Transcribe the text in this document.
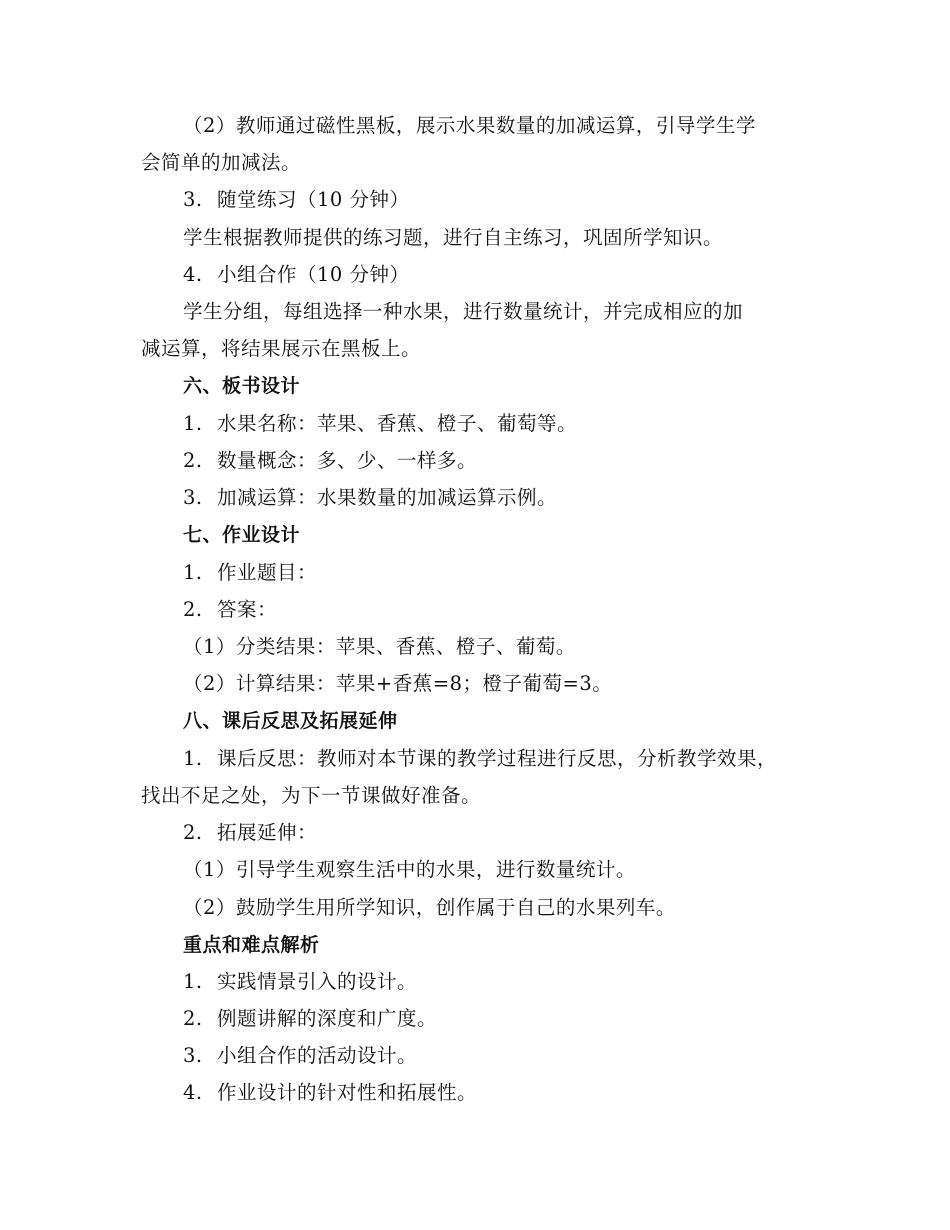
（2）教师通过磁性黑板，展示水果数量的加减运算，引导学生学
会简单的加减法。
3. 随堂练习（10 分钟）
学生根据教师提供的练习题，进行自主练习，巩固所学知识。
4. 小组合作（10 分钟）
学生分组，每组选择一种水果，进行数量统计，并完成相应的加
减运算，将结果展示在黑板上。
六、板书设计
1. 水果名称：苹果、香蕉、橙子、葡萄等。
2. 数量概念：多、少、一样多。
3. 加减运算：水果数量的加减运算示例。
七、作业设计
1. 作业题目：
2. 答案：
（1）分类结果：苹果、香蕉、橙子、葡萄。
（2）计算结果：苹果+香蕉=8；橙子葡萄=3。
八、课后反思及拓展延伸
1. 课后反思：教师对本节课的教学过程进行反思，分析教学效果，
找出不足之处，为下一节课做好准备。
2. 拓展延伸：
（1）引导学生观察生活中的水果，进行数量统计。
（2）鼓励学生用所学知识，创作属于自己的水果列车。
重点和难点解析
1. 实践情景引入的设计。
2. 例题讲解的深度和广度。
3. 小组合作的活动设计。
4. 作业设计的针对性和拓展性。
